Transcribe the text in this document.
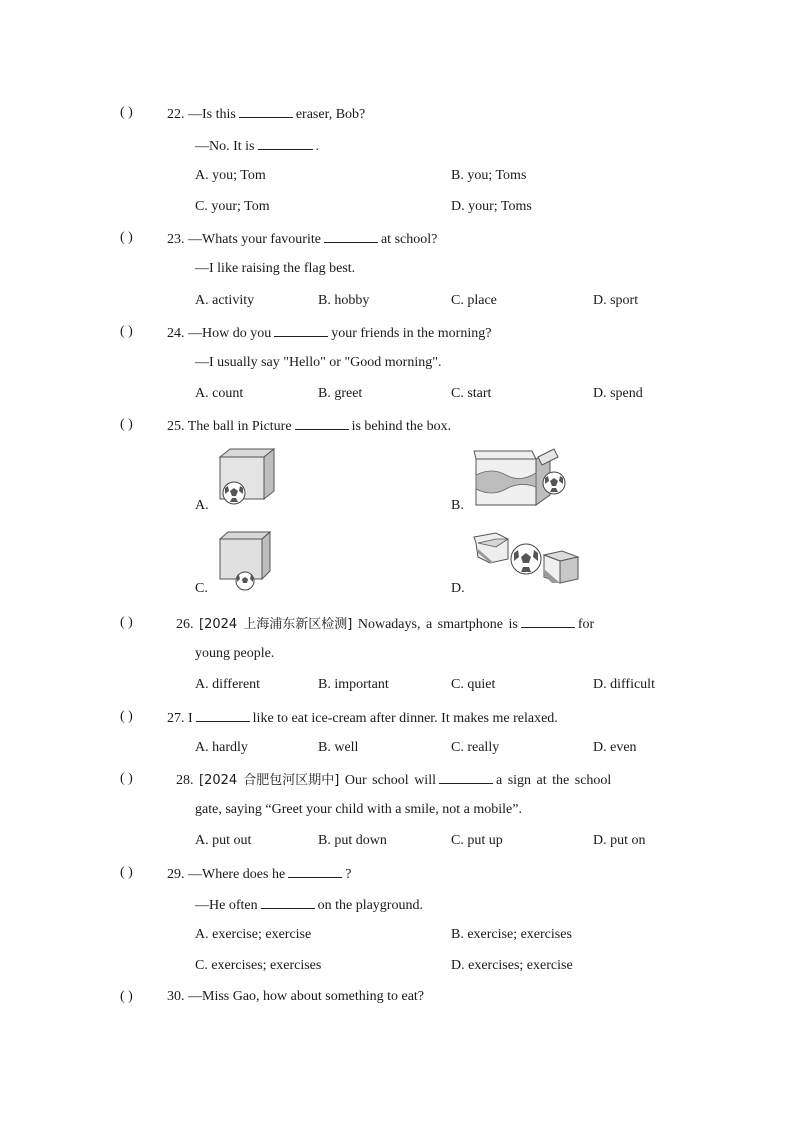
( ) 22. —Is this	eraser, Bob?
—No. It is	.
A. you; Tom	B. you; Toms
C. your; Tom	D. your; Toms
( ) 23. —Whats your favourite	at school?
—I like raising the flag best.
A. activity	B. hobby	C. place	D. sport
( ) 24. —How do you	your friends in the morning?
—I usually say "Hello" or "Good morning".
A. count	B. greet	C. start	D. spend
( ) 25. The ball in Picture	is behind the box.
A.	B.
C.	D.
( )	26. [2024 上海浦东新区检测] Nowadays, a smartphone is	for
young people.
A. different	B. important	C. quiet	D. difficult
( ) 27. I	like to eat ice-cream after dinner. It makes me relaxed.
A. hardly	B. well	C. really	D. even
( )	28. [2024 合肥包河区期中] Our school will	a sign at the school
gate, saying “Greet your child with a smile, not a mobile”.
A. put out	B. put down	C. put up	D. put on
( ) 29. —Where does he	?
—He often	on the playground.
A. exercise; exercise	B. exercise; exercises
C. exercises; exercises	D. exercises; exercise
( ) 30. —Miss Gao, how about something to eat?
